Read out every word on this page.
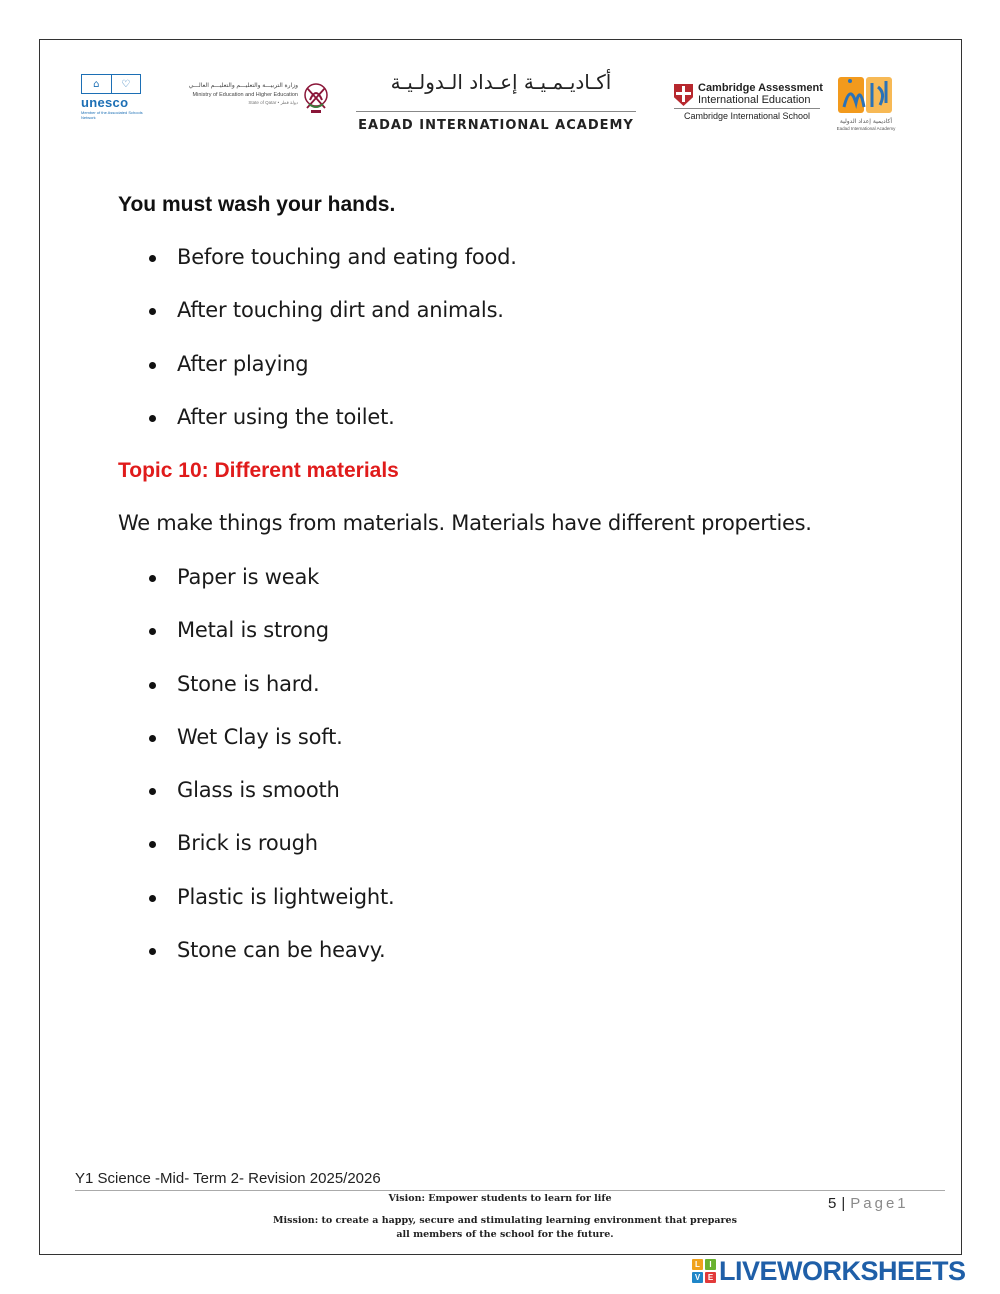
⌂	♡
unesco
Member of the Associated Schools Network
وزارة التربيـــة والتعليـــم والتعليـــم العالـــي
Ministry of Education and Higher Education
دولة قطر • State of Qatar
أكـاديـمـيـة إعـداد الـدولـيـة
EADAD INTERNATIONAL ACADEMY
Cambridge Assessment
International Education
Cambridge International School
أكاديمية إعداد الدولية
Eadad International Academy
You must wash your hands.
Before touching and eating food.
After touching dirt and animals.
After playing
After using the toilet.
Topic 10: Different materials
We make things from materials. Materials have different properties.
Paper is weak
Metal is strong
Stone is hard.
Wet Clay is soft.
Glass is smooth
Brick is rough
Plastic is lightweight.
Stone can be heavy.
Y1 Science -Mid- Term 2- Revision 2025/2026
Vision: Empower students to learn for life
Mission: to create a happy, secure and stimulating learning environment that prepares
all members of the school for the future.
5 | Page1
L	I
V E LIVEWORKSHEETS
